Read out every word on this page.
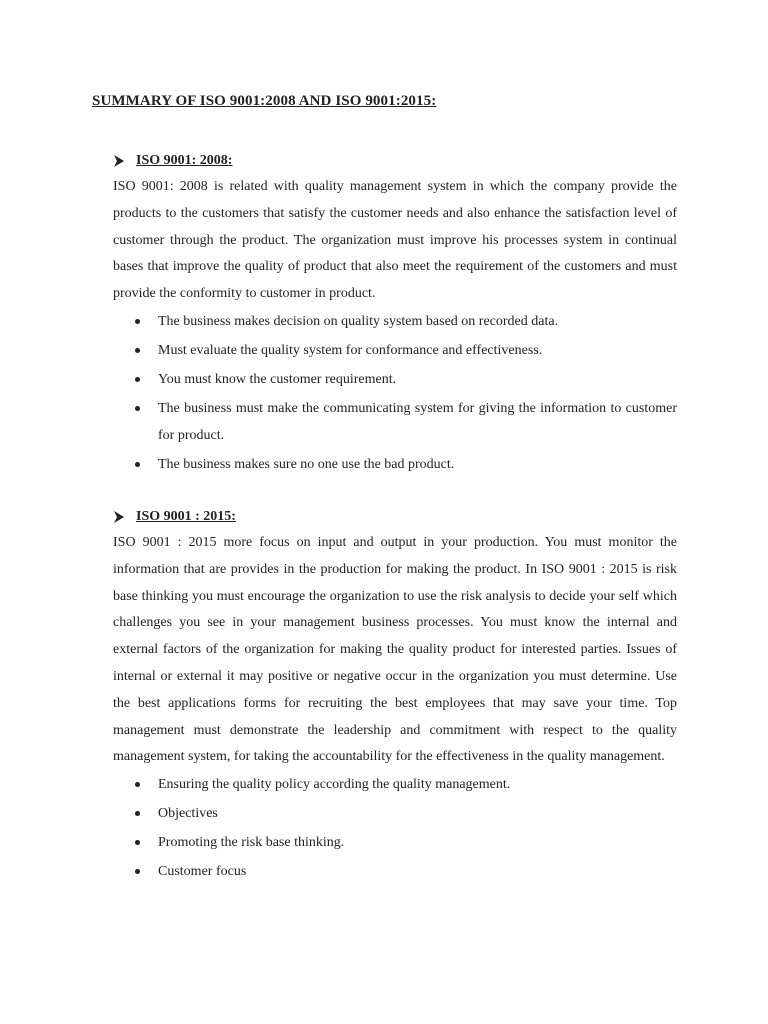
SUMMARY OF ISO 9001:2008 AND ISO 9001:2015:
ISO 9001: 2008:

ISO 9001: 2008 is related with quality management system in which the company provide the products to the customers that satisfy the customer needs and also enhance the satisfaction level of customer through the product. The organization must improve his processes system in continual bases that improve the quality of product that also meet the requirement of the customers and must provide the conformity to customer in product.

The business makes decision on quality system based on recorded data.
Must evaluate the quality system for conformance and effectiveness.
You must know the customer requirement.
The business must make the communicating system for giving the information to customer for product.
The business makes sure no one use the bad product.
ISO 9001 : 2015:

ISO 9001 : 2015 more focus on input and output in your production. You must monitor the information that are provides in the production for making the product. In ISO 9001 : 2015 is risk base thinking you must encourage the organization to use the risk analysis to decide your self which challenges you see in your management business processes. You must know the internal and external factors of the organization for making the quality product for interested parties. Issues of internal or external it may positive or negative occur in the organization you must determine. Use the best applications forms for recruiting the best employees that may save your time. Top management must demonstrate the leadership and commitment with respect to the quality management system, for taking the accountability for the effectiveness in the quality management.

Ensuring the quality policy according the quality management.
Objectives
Promoting the risk base thinking.
Customer focus
